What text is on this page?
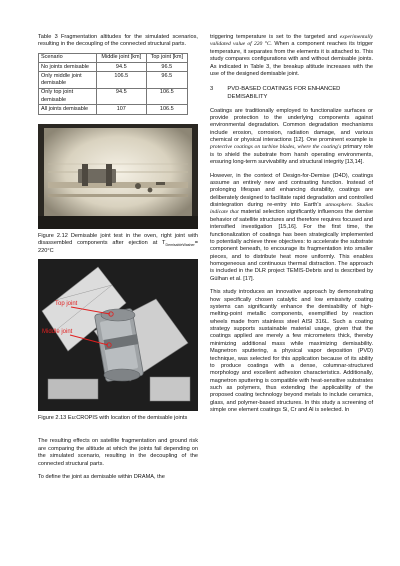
Table 3 Fragmentation altitudes for the simulated scenarios, resulting in the decoupling of the connected structural parts.

Scenario	Middle joint [km]	Top joint [km]
No joints demisable	94.5	96.5
Only middle joint demisable	106.5	96.5
Only top joint demisable	94.5	106.5
All joints demisable	107	106.5

Figure 2.12 Demisable joint test in the oven, right joint with disassembled components after ejection at $T_{DemisableWasher}= 220^\circ C$

Top joint
Middle joint

Figure 2.13 Eu:CROPIS with location of the demisable joints

The resulting effects on satellite fragmentation and ground risk are comparing the altitude at which the joints fail depending on the simulated scenario, resulting in the decoupling of the connected structural parts.

To define the joint as demisable within DRAMA, the

triggering temperature is set to the targeted and experimentally validated value of 220 °C. When a component reaches its trigger temperature, it separates from the elements it is attached to. This study compares configurations with and without demisable joints. As indicated in Table 3, the breakup altitude increases with the use of the designed demisable joint.

3	PVD-BASED COATINGS FOR ENHANCED DEMISABILITY

Coatings are traditionally employed to functionalize surfaces or provide protection to the underlying components against environmental degradation. Common degradation mechanisms include erosion, corrosion, radiation damage, and various chemical or physical interactions [12]. One prominent example is protective coatings on turbine blades, where the coating's primary role is to shield the substrate from harsh operating environments, ensuring long-term survivability and structural integrity [13,14].

However, in the context of Design-for-Demise (D4D), coatings assume an entirely new and contrasting function. Instead of prolonging lifespan and enhancing durability, coatings are deliberately designed to facilitate rapid degradation and controlled disintegration during re-entry into Earth's atmosphere. Studies indicate that material selection significantly influences the demise behavior of satellite structures and therefore requires focused and intensified investigation [15,16]. For the first time, the functionalization of coatings has been strategically implemented to potentially achieve three objectives: to accelerate the substrate component beneath, to encourage its fragmentation into smaller pieces, and to distribute heat more uniformly. This enables homogeneous and continuous thermal distraction. The approach is included in the DLR project TEMIS-Debris and is described by Gülhan et al. [17].

This study introduces an innovative approach by demonstrating how specifically chosen catalytic and low emissivity coating systems can significantly enhance the demisability of high-melting-point metallic components, exemplified by reaction wheels made from stainless steel AISI 316L. Such a coating strategy supports sustainable material usage, given that the coatings applied are merely a few micrometers thick, thereby minimizing additional mass while maximizing demisability. Magnetron sputtering, a physical vapor deposition (PVD) technique, was selected for this application because of its ability to produce coatings with a dense, columnar-structured morphology and excellent adhesion characteristics. Additionally, magnetron sputtering is compatible with heat-sensitive substrates such as polymers, thus extending the applicability of the proposed coating technology beyond metals to include ceramics, glass, and polymer-based structures. In this study a screening of simple one element coatings Si, Cr and Al is selected. In
